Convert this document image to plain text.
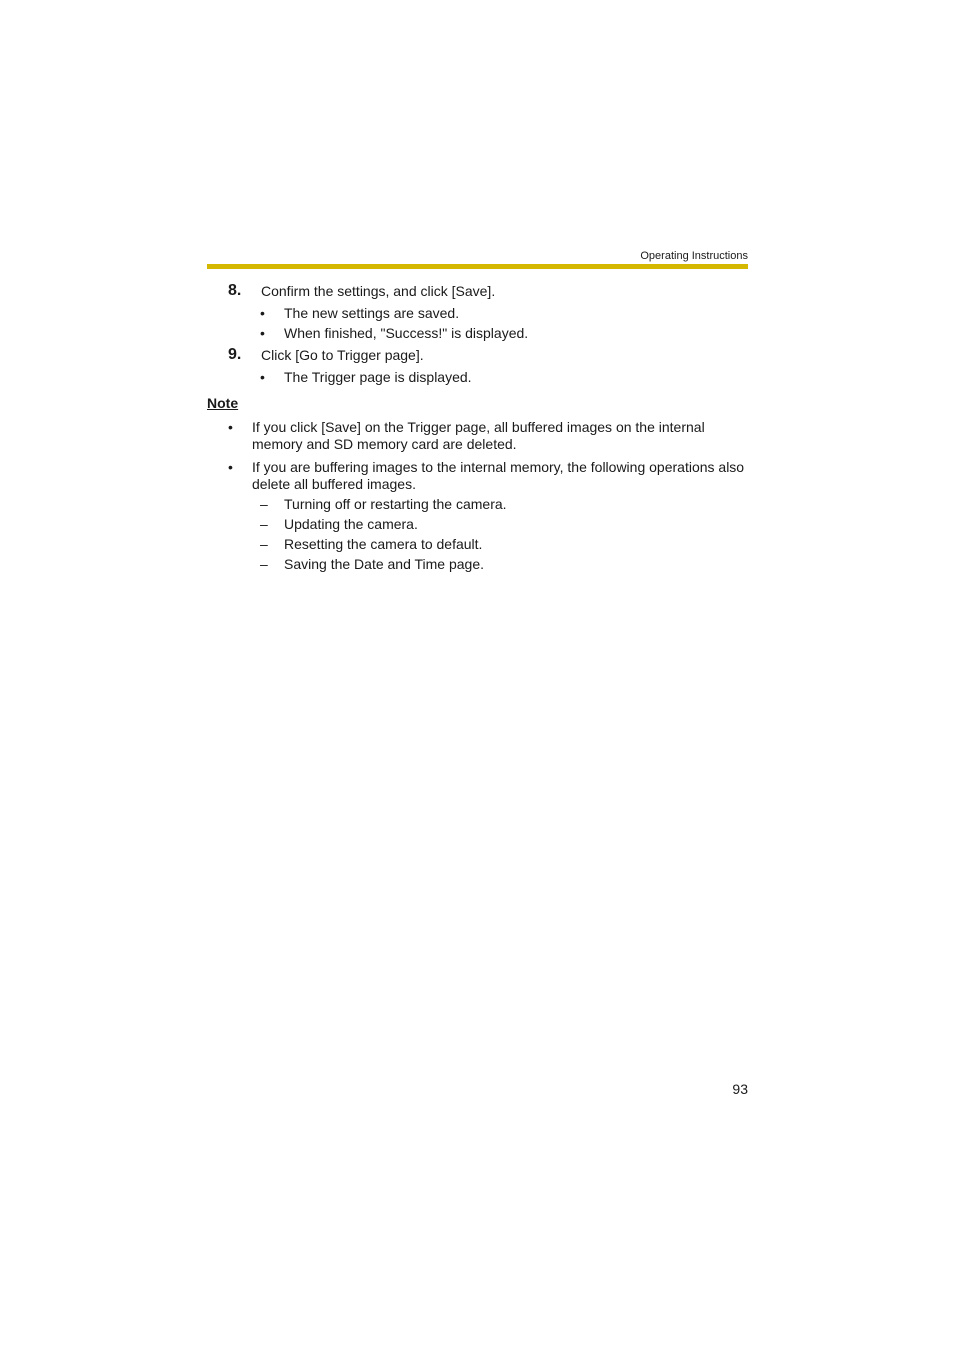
Operating Instructions
8. Confirm the settings, and click [Save].
• The new settings are saved.
• When finished, "Success!" is displayed.
9. Click [Go to Trigger page].
• The Trigger page is displayed.
Note
• If you click [Save] on the Trigger page, all buffered images on the internal
memory and SD memory card are deleted.
• If you are buffering images to the internal memory, the following operations also
delete all buffered images.
– Turning off or restarting the camera.
– Updating the camera.
– Resetting the camera to default.
– Saving the Date and Time page.
93
